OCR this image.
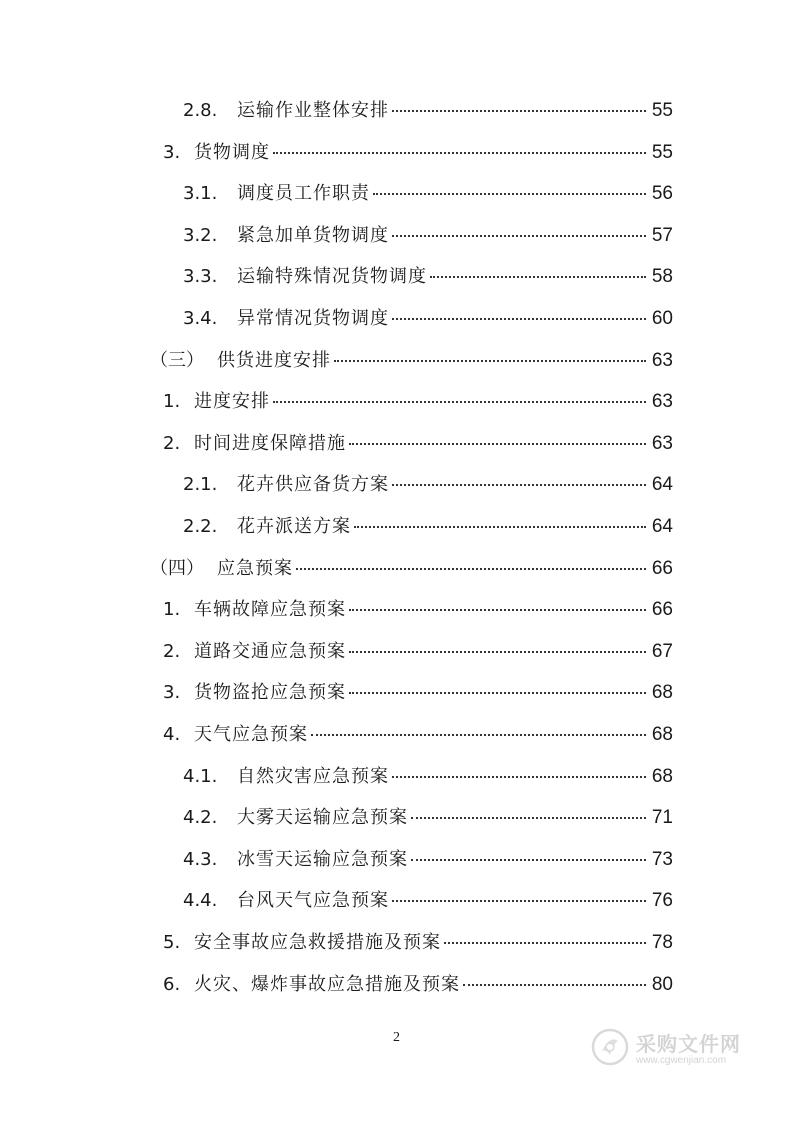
2.8.	运输作业整体安排	55
3. 货物调度	55
3.1.	调度员工作职责	56
3.2.	紧急加单货物调度	57
3.3.	运输特殊情况货物调度	58
3.4.	异常情况货物调度	60
（三） 供货进度安排	63
1. 进度安排	63
2. 时间进度保障措施	63
2.1.	花卉供应备货方案	64
2.2.	花卉派送方案	64
（四） 应急预案	66
1. 车辆故障应急预案	66
2. 道路交通应急预案	67
3. 货物盗抢应急预案	68
4. 天气应急预案	68
4.1.	自然灾害应急预案	68
4.2.	大雾天运输应急预案	71
4.3.	冰雪天运输应急预案	73
4.4.	台风天气应急预案	76
5. 安全事故应急救援措施及预案	78
6. 火灾、爆炸事故应急措施及预案	80
2	采购文件网
www.cgwenjian.com
